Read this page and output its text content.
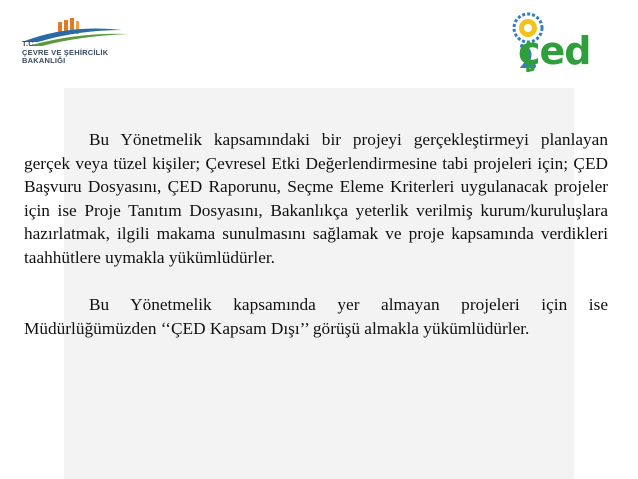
T.C.
ÇEVRE VE ŞEHİRCİLİK
BAKANLIĞI	çed

Bu Yönetmelik kapsamındaki bir projeyi gerçekleştirmeyi planlayan gerçek veya tüzel kişiler; Çevresel Etki Değerlendirmesine tabi projeleri için; ÇED Başvuru Dosyasını, ÇED Raporunu, Seçme Eleme Kriterleri uygulanacak projeler için ise Proje Tanıtım Dosyasını, Bakanlıkça yeterlik verilmiş kurum/kuruluşlara hazırlatmak, ilgili makama sunulmasını sağlamak ve proje kapsamında verdikleri taahhütlere uymakla yükümlüdürler.

Bu Yönetmelik kapsamında yer almayan projeleri için ise Müdürlüğümüzden ‘‘ÇED Kapsam Dışı’’ görüşü almakla yükümlüdürler.
